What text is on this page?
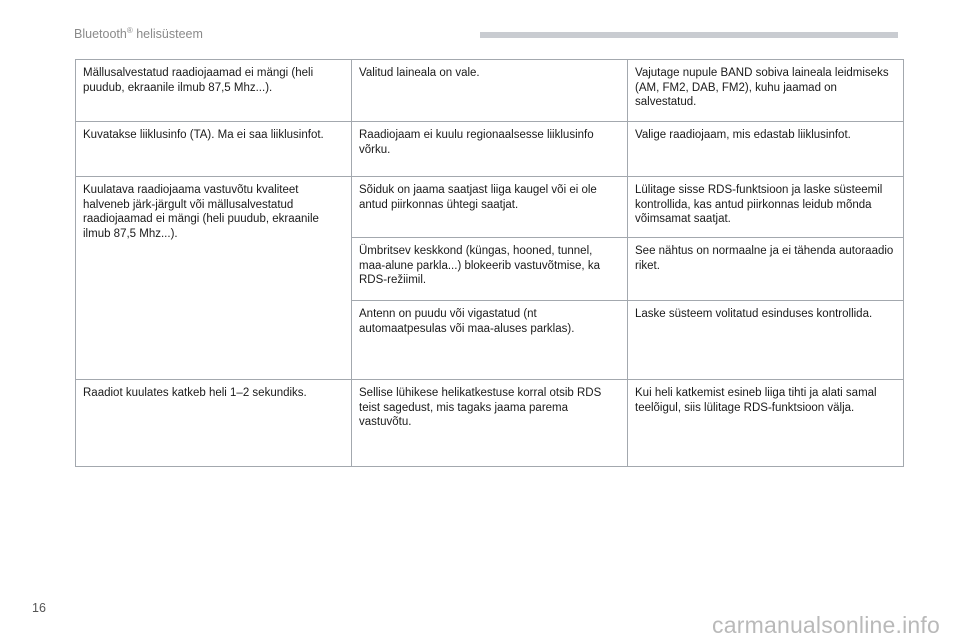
Bluetooth® helisüsteem
Mällusalvestatud raadiojaamad ei mängi (heli puudub, ekraanile ilmub 87,5 Mhz...).	Valitud laineala on vale.	Vajutage nupule BAND sobiva laineala leidmiseks (AM, FM2, DAB, FM2), kuhu jaamad on salvestatud.
Kuvatakse liiklusinfo (TA). Ma ei saa liiklusinfot.	Raadiojaam ei kuulu regionaalsesse liiklusinfo võrku.	Valige raadiojaam, mis edastab liiklusinfot.
Kuulatava raadiojaama vastuvõtu kvaliteet halveneb järk-järgult või mällusalvestatud raadiojaamad ei mängi (heli puudub, ekraanile ilmub 87,5 Mhz...).	Sõiduk on jaama saatjast liiga kaugel või ei ole antud piirkonnas ühtegi saatjat.	Lülitage sisse RDS-funktsioon ja laske süsteemil kontrollida, kas antud piirkonnas leidub mõnda võimsamat saatjat.
	Ümbritsev keskkond (küngas, hooned, tunnel, maa-alune parkla...) blokeerib vastuvõtmise, ka RDS-režiimil.	See nähtus on normaalne ja ei tähenda autoraadio riket.
	Antenn on puudu või vigastatud (nt automaatpesulas või maa-aluses parklas).	Laske süsteem volitatud esinduses kontrollida.
Raadiot kuulates katkeb heli 1–2 sekundiks.	Sellise lühikese helikatkestuse korral otsib RDS teist sagedust, mis tagaks jaama parema vastuvõtu.	Kui heli katkemist esineb liiga tihti ja alati samal teelõigul, siis lülitage RDS-funktsioon välja.
16
carmanualsonline.info
